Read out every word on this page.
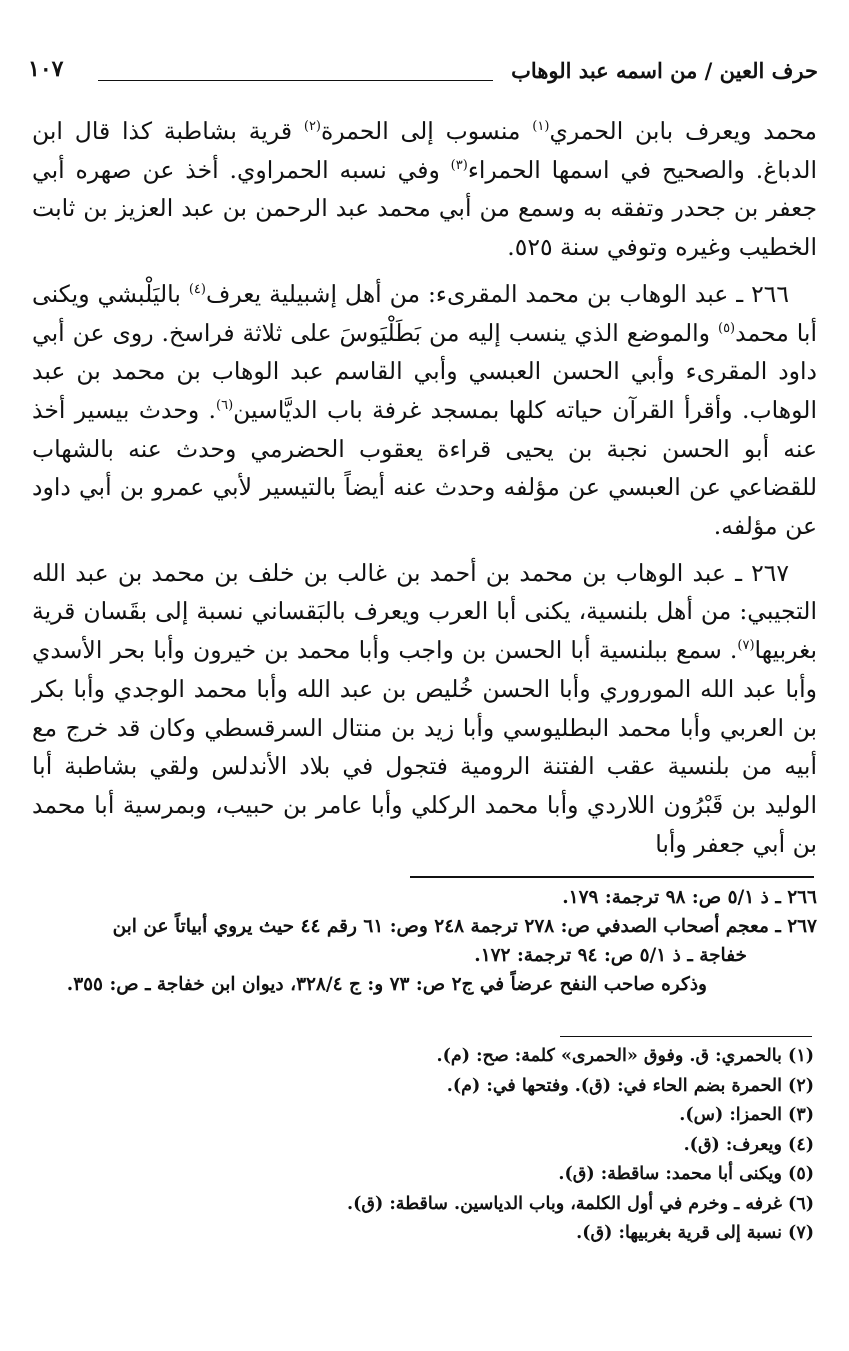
حرف العين / من اسمه عبد الوهاب
١٠٧

محمد ويعرف بابن الحمري$^{(١)}$ منسوب إلى الحمرة$^{(٢)}$ قرية بشاطبة كذا قال ابن الدباغ. والصحيح في اسمها الحمراء$^{(٣)}$ وفي نسبه الحمراوي. أخذ عن صهره أبي جعفر بن جحدر وتفقه به وسمع من أبي محمد عبد الرحمن بن عبد العزيز بن ثابت الخطيب وغيره وتوفي سنة ٥٢٥.

٢٦٦ ـ عبد الوهاب بن محمد المقرىء: من أهل إشبيلية يعرف$^{(٤)}$ باليَلْبشي ويكنى أبا محمد$^{(٥)}$ والموضع الذي ينسب إليه من بَطَلْيَوسَ على ثلاثة فراسخ. روى عن أبي داود المقرىء وأبي الحسن العبسي وأبي القاسم عبد الوهاب بن محمد بن عبد الوهاب. وأقرأ القرآن حياته كلها بمسجد غرفة باب الديَّاسين$^{(٦)}$. وحدث بيسير أخذ عنه أبو الحسن نجبة بن يحيى قراءة يعقوب الحضرمي وحدث عنه بالشهاب للقضاعي عن العبسي عن مؤلفه وحدث عنه أيضاً بالتيسير لأبي عمرو بن أبي داود عن مؤلفه.

٢٦٧ ـ عبد الوهاب بن محمد بن أحمد بن غالب بن خلف بن محمد بن عبد الله التجيبي: من أهل بلنسية، يكنى أبا العرب ويعرف بالبَقساني نسبة إلى بقَسان قرية بغربيها$^{(٧)}$. سمع ببلنسية أبا الحسن بن واجب وأبا محمد بن خيرون وأبا بحر الأسدي وأبا عبد الله الموروري وأبا الحسن خُليص بن عبد الله وأبا محمد الوجدي وأبا بكر بن العربي وأبا محمد البطليوسي وأبا زيد بن منتال السرقسطي وكان قد خرج مع أبيه من بلنسية عقب الفتنة الرومية فتجول في بلاد الأندلس ولقي بشاطبة أبا الوليد بن قَبْرُون اللاردي وأبا محمد الركلي وأبا عامر بن حبيب، وبمرسية أبا محمد بن أبي جعفر وأبا

٢٦٦ ـ ذ ٥/١ ص: ٩٨ ترجمة: ١٧٩.
٢٦٧ ـ معجم أصحاب الصدفي ص: ٢٧٨ ترجمة ٢٤٨ وص: ٦١ رقم ٤٤ حيث يروي أبياتاً عن ابن
خفاجة ـ ذ ٥/١ ص: ٩٤ ترجمة: ١٧٢.
وذكره صاحب النفح عرضاً في ج٢ ص: ٧٣ و: ج ٣٢٨/٤، ديوان ابن خفاجة ـ ص: ٣٥٥.
(١) بالحمري: ق. وفوق «الحمرى» كلمة: صح: (م).
(٢) الحمرة بضم الحاء في: (ق). وفتحها في: (م).
(٣) الحمزا: (س).
(٤) ويعرف: (ق).
(٥) ويكنى أبا محمد: ساقطة: (ق).
(٦) غرفه ـ وخرم في أول الكلمة، وباب الدياسين. ساقطة: (ق).
(٧) نسبة إلى قرية بغربيها: (ق).
